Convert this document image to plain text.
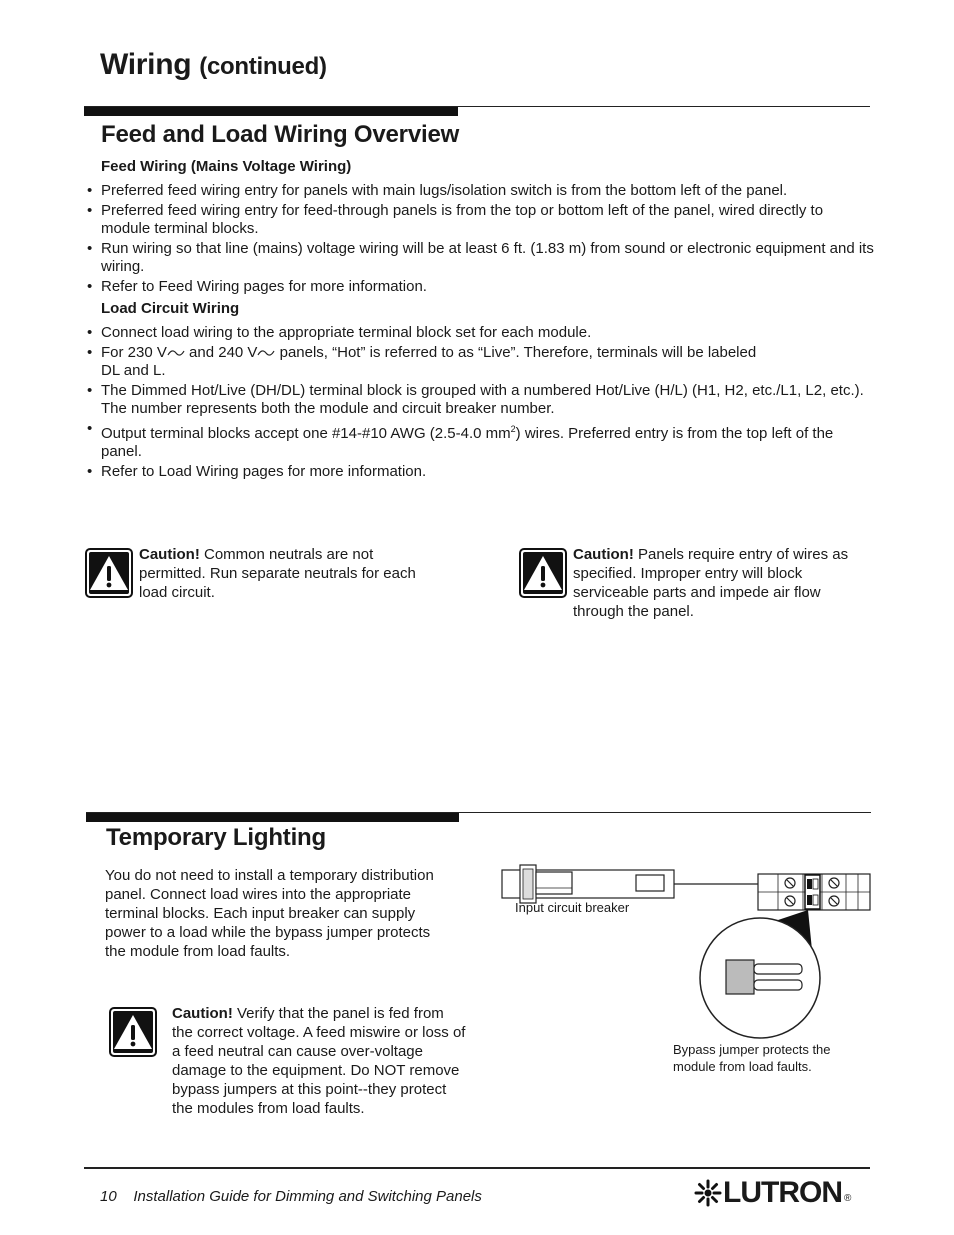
Wiring (continued)
Feed and Load Wiring Overview
Feed Wiring (Mains Voltage Wiring)
• Preferred feed wiring entry for panels with main lugs/isolation switch is from the bottom left of the panel.
• Preferred feed wiring entry for feed-through panels is from the top or bottom left of the panel, wired directly to module terminal blocks.
• Run wiring so that line (mains) voltage wiring will be at least 6 ft. (1.83 m) from sound or electronic equipment and its wiring.
• Refer to Feed Wiring pages for more information.
Load Circuit Wiring
• Connect load wiring to the appropriate terminal block set for each module.
• For 230 V and 240 V panels, “Hot” is referred to as “Live”. Therefore, terminals will be labeled DL and L.
• The Dimmed Hot/Live (DH/DL) terminal block is grouped with a numbered Hot/Live (H/L) (H1, H2, etc./L1, L2, etc.). The number represents both the module and circuit breaker number.
• Output terminal blocks accept one #14-#10 AWG (2.5-4.0 $mm^2$) wires. Preferred entry is from the top left of the panel.
• Refer to Load Wiring pages for more information.
Caution! Common neutrals are not permitted. Run separate neutrals for each load circuit.
Caution! Panels require entry of wires as specified. Improper entry will block serviceable parts and impede air flow through the panel.
Temporary Lighting
You do not need to install a temporary distribution panel. Connect load wires into the appropriate terminal blocks. Each input breaker can supply power to a load while the bypass jumper protects the module from load faults.
Caution! Verify that the panel is fed from the correct voltage. A feed miswire or loss of a feed neutral can cause over-voltage damage to the equipment. Do NOT remove bypass jumpers at this point--they protect the modules from load faults.
Input circuit breaker
Bypass jumper protects the module from load faults.
10 Installation Guide for Dimming and Switching Panels	LUTRON ®
